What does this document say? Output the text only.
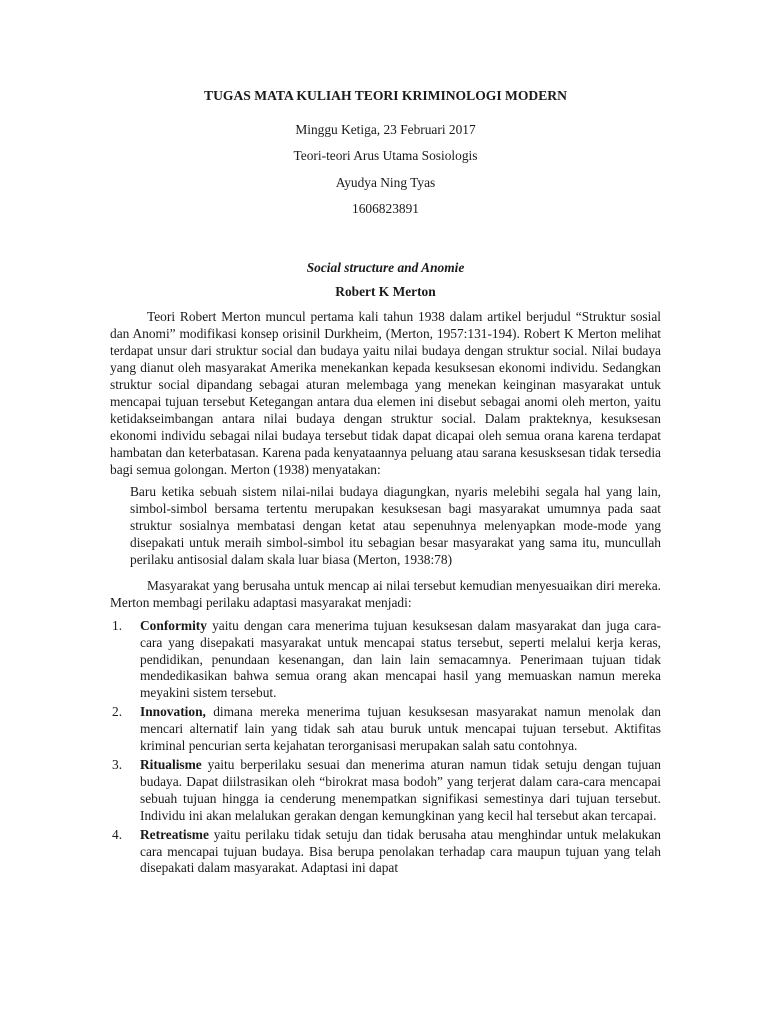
TUGAS MATA KULIAH TEORI KRIMINOLOGI MODERN
Minggu Ketiga, 23 Februari 2017
Teori-teori Arus Utama Sosiologis
Ayudya Ning Tyas
1606823891
Social structure and Anomie
Robert K Merton

Teori Robert Merton muncul pertama kali tahun 1938 dalam artikel berjudul “Struktur sosial dan Anomi” modifikasi konsep orisinil Durkheim, (Merton, 1957:131-194). Robert K Merton melihat terdapat unsur dari struktur social dan budaya yaitu nilai budaya dengan struktur social. Nilai budaya yang dianut oleh masyarakat Amerika menekankan kepada kesuksesan ekonomi individu. Sedangkan struktur social dipandang sebagai aturan melembaga yang menekan keinginan masyarakat untuk mencapai tujuan tersebut Ketegangan antara dua elemen ini disebut sebagai anomi oleh merton, yaitu ketidakseimbangan antara nilai budaya dengan struktur social. Dalam prakteknya, kesuksesan ekonomi individu sebagai nilai budaya tersebut tidak dapat dicapai oleh semua orana karena terdapat hambatan dan keterbatasan. Karena pada kenyataannya peluang atau sarana kesusksesan tidak tersedia bagi semua golongan. Merton (1938) menyatakan:

Baru ketika sebuah sistem nilai-nilai budaya diagungkan, nyaris melebihi segala hal yang lain, simbol-simbol bersama tertentu merupakan kesuksesan bagi masyarakat umumnya pada saat struktur sosialnya membatasi dengan ketat atau sepenuhnya melenyapkan mode-mode yang disepakati untuk meraih simbol-simbol itu sebagian besar masyarakat yang sama itu, muncullah perilaku antisosial dalam skala luar biasa (Merton, 1938:78)

Masyarakat yang berusaha untuk mencap ai nilai tersebut kemudian menyesuaikan diri mereka. Merton membagi perilaku adaptasi masyarakat menjadi:

1.	Conformity yaitu dengan cara menerima tujuan kesuksesan dalam masyarakat dan juga cara-cara yang disepakati masyarakat untuk mencapai status tersebut, seperti melalui kerja keras, pendidikan, penundaan kesenangan, dan lain lain semacamnya. Penerimaan tujuan tidak mendedikasikan bahwa semua orang akan mencapai hasil yang memuaskan namun mereka meyakini sistem tersebut.
2.	Innovation, dimana mereka menerima tujuan kesuksesan masyarakat namun menolak dan mencari alternatif lain yang tidak sah atau buruk untuk mencapai tujuan tersebut. Aktifitas kriminal pencurian serta kejahatan terorganisasi merupakan salah satu contohnya.
3.	Ritualisme yaitu berperilaku sesuai dan menerima aturan namun tidak setuju dengan tujuan budaya. Dapat diilstrasikan oleh “birokrat masa bodoh” yang terjerat dalam cara-cara mencapai sebuah tujuan hingga ia cenderung menempatkan signifikasi semestinya dari tujuan tersebut. Individu ini akan melalukan gerakan dengan kemungkinan yang kecil hal tersebut akan tercapai.
4.	Retreatisme yaitu perilaku tidak setuju dan tidak berusaha atau menghindar untuk melakukan cara mencapai tujuan budaya. Bisa berupa penolakan terhadap cara maupun tujuan yang telah disepakati dalam masyarakat. Adaptasi ini dapat
